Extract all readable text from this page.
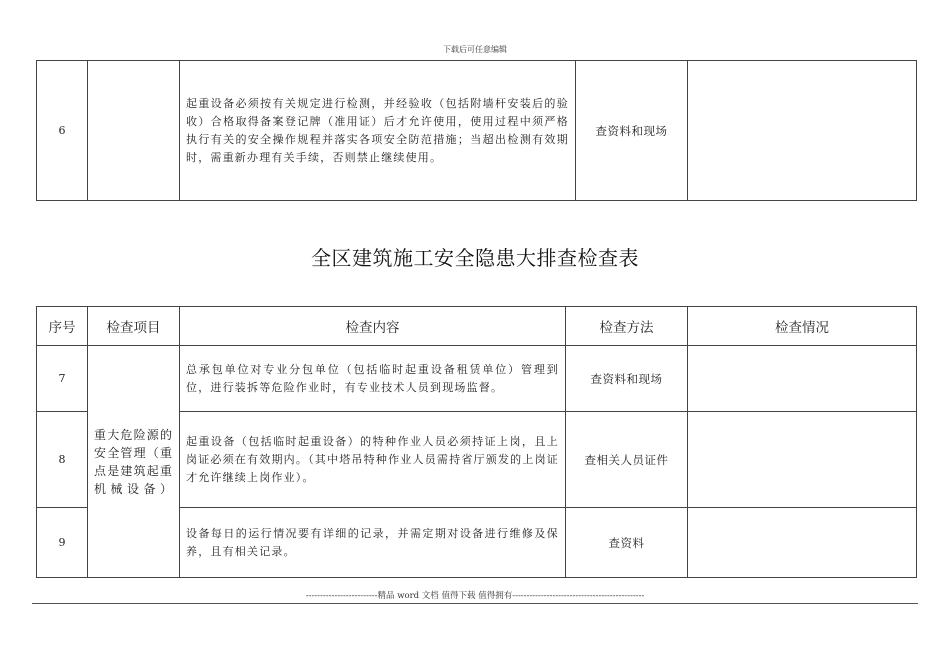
下载后可任意编辑
6		起重设备必须按有关规定进行检测，并经验收（包括附墙杆安装后的验收）合格取得备案登记牌（准用证）后才允许使用，使用过程中须严格执行有关的安全操作规程并落实各项安全防范措施；当超出检测有效期时，需重新办理有关手续，否则禁止继续使用。	查资料和现场	
全区建筑施工安全隐患大排查检查表
序号	检查项目	检查内容	检查方法	检查情况
7	重大危险源的安全管理（重点是建筑起重机械设备）	总承包单位对专业分包单位（包括临时起重设备租赁单位）管理到位，进行装拆等危险作业时，有专业技术人员到现场监督。	查资料和现场	
8		起重设备（包括临时起重设备）的特种作业人员必须持证上岗，且上岗证必须在有效期内。（其中塔吊特种作业人员需持省厅颁发的上岗证才允许继续上岗作业）。	查相关人员证件	
9		设备每日的运行情况要有详细的记录，并需定期对设备进行维修及保养，且有相关记录。	查资料	
-------------------------精品 word 文档 值得下载 值得拥有----------------------------------------------
